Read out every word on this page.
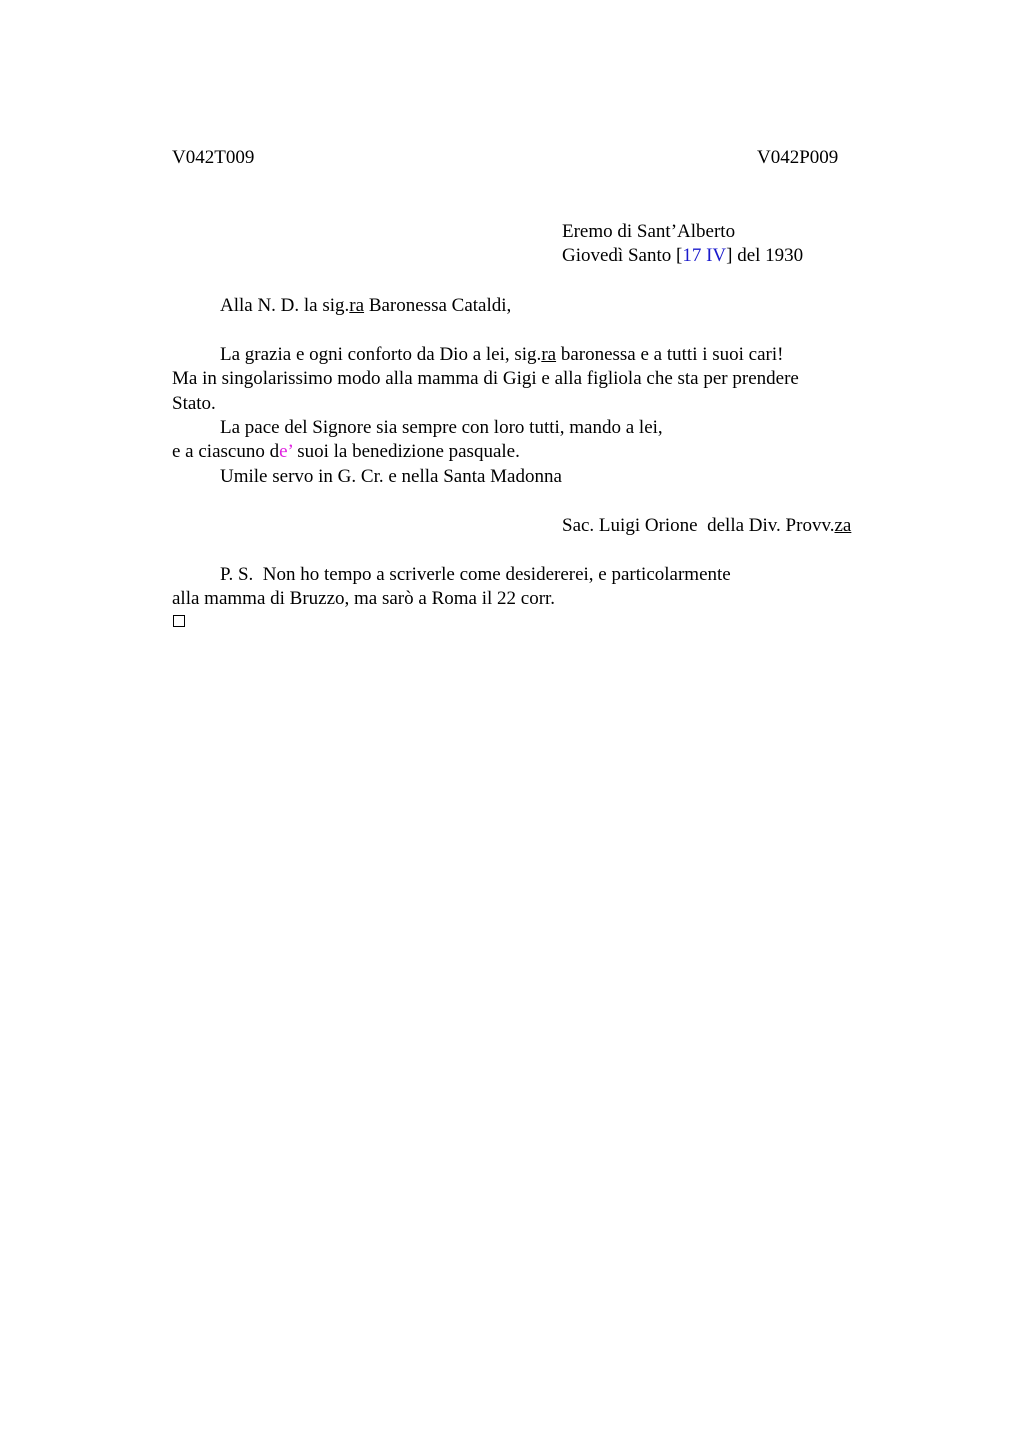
V042T009	V042P009
Eremo di Sant’Alberto
Giovedì Santo [17 IV] del 1930
Alla N. D. la sig.ra Baronessa Cataldi,
La grazia e ogni conforto da Dio a lei, sig.ra baronessa e a tutti i suoi cari!
Ma in singolarissimo modo alla mamma di Gigi e alla figliola che sta per prendere
Stato.
La pace del Signore sia sempre con loro tutti, mando a lei,
e a ciascuno de’ suoi la benedizione pasquale.
Umile servo in G. Cr. e nella Santa Madonna
Sac. Luigi Orione  della Div. Provv.za
P. S.  Non ho tempo a scriverle come desidererei, e particolarmente
alla mamma di Bruzzo, ma sarò a Roma il 22 corr.
